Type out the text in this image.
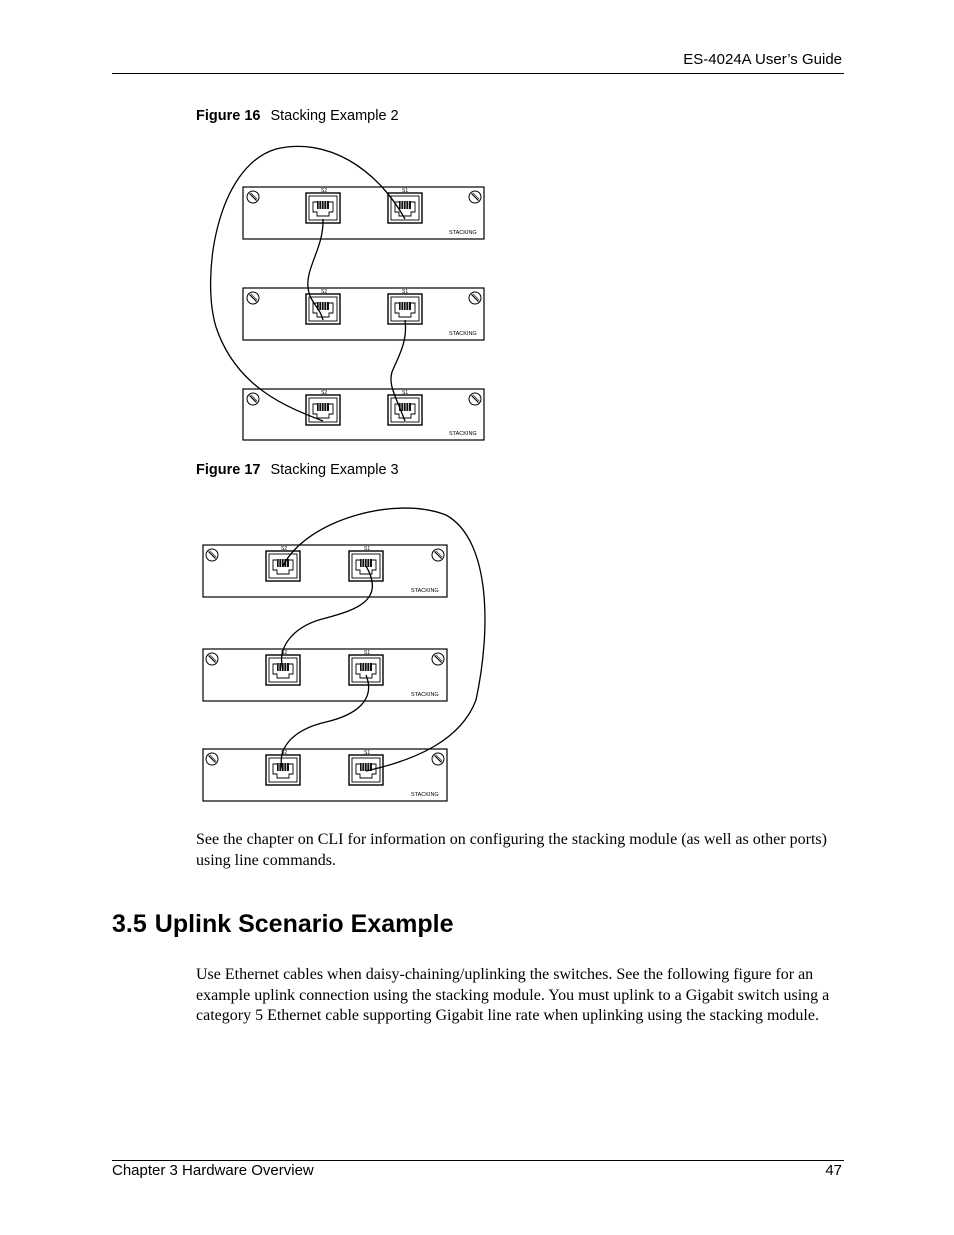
ES-4024A User’s Guide
Figure 16 Stacking Example 2
S2	S1
STACKING
S2	S1
STACKING
S2	S1
STACKING
Figure 17 Stacking Example 3
S2	S1
STACKING
S2	S1
STACKING
S2	S1
STACKING
See the chapter on CLI for information on configuring the stacking module (as well as other ports) using line commands.
3.5 Uplink Scenario Example
Use Ethernet cables when daisy-chaining/uplinking the switches. See the following figure for an example uplink connection using the stacking module. You must uplink to a Gigabit switch using a category 5 Ethernet cable supporting Gigabit line rate when uplinking using the stacking module.
Chapter 3 Hardware Overview	47
